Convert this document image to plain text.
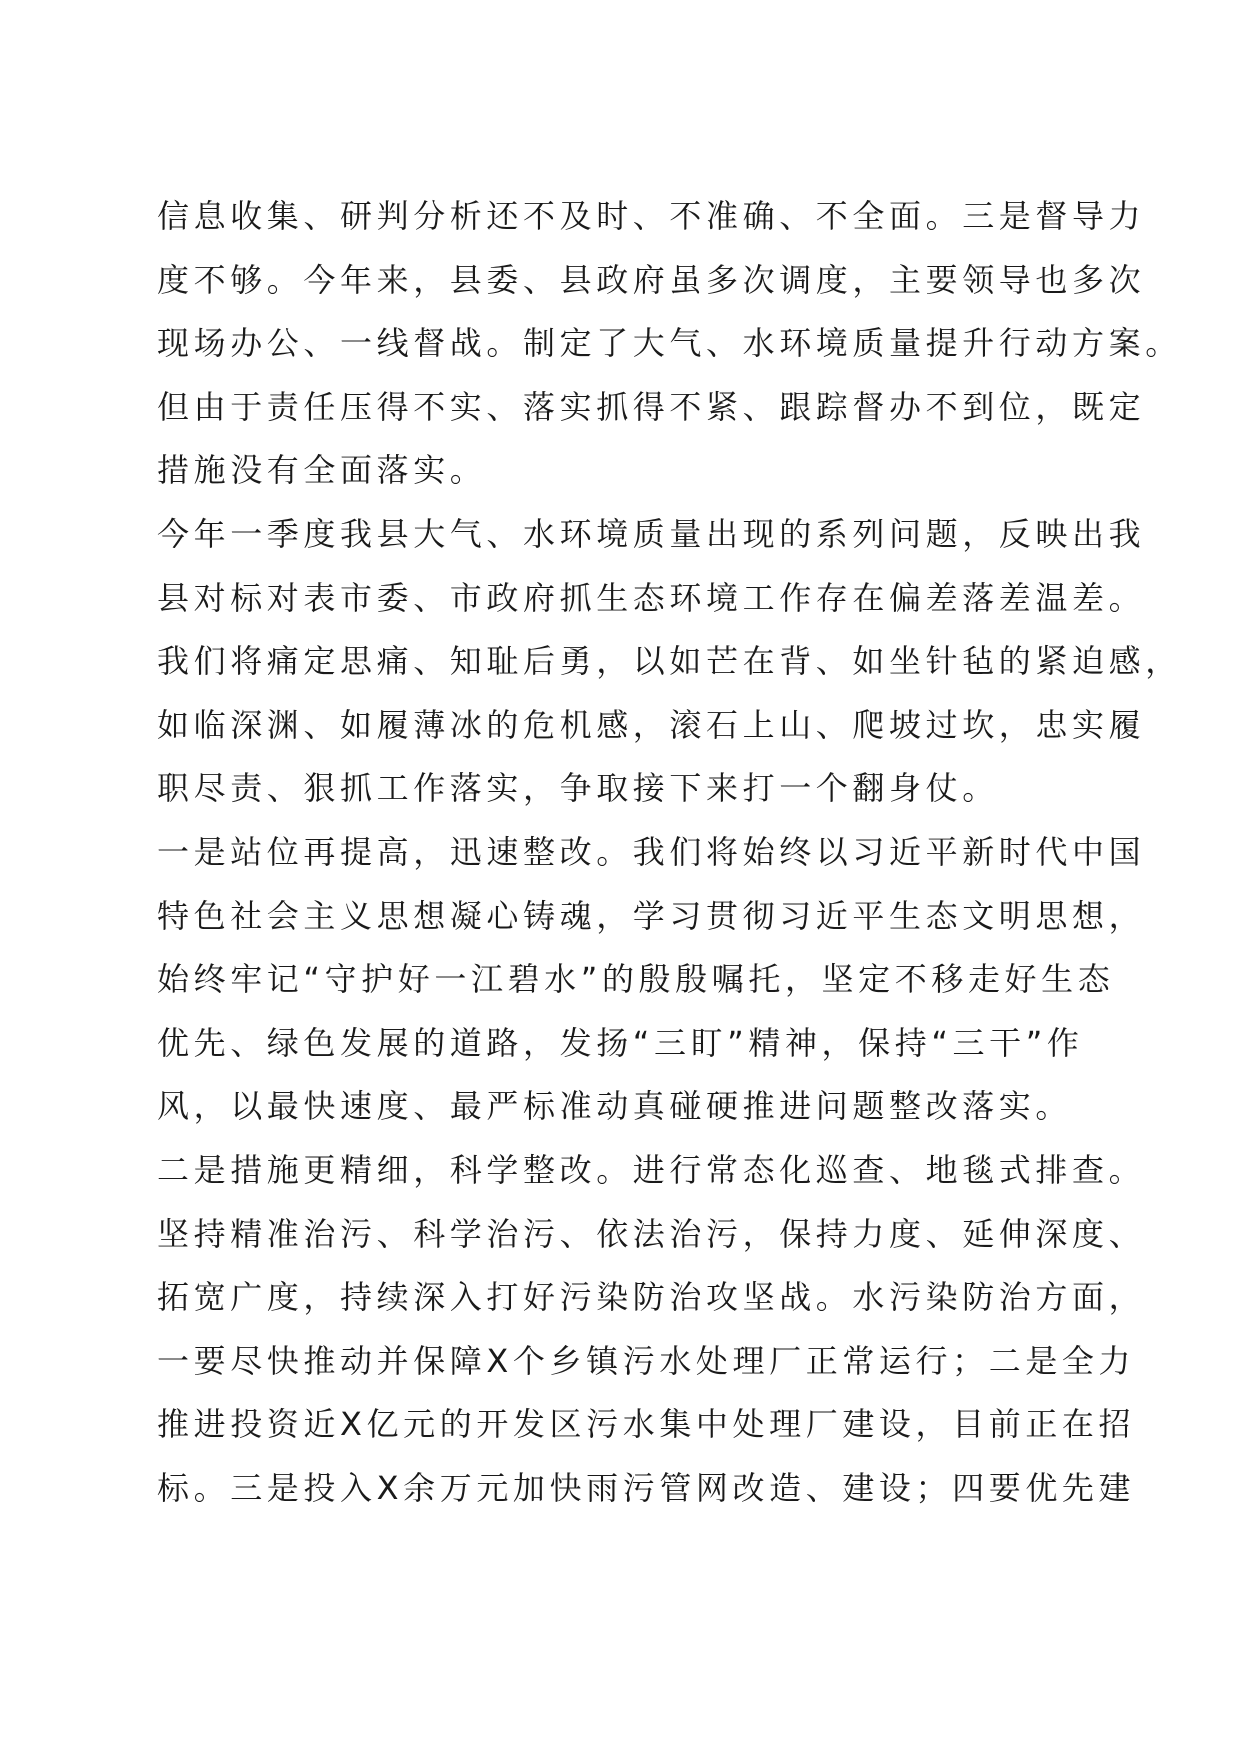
信息收集、研判分析还不及时、不准确、不全面。三是督导力
度不够。今年来，县委、县政府虽多次调度，主要领导也多次
现场办公、一线督战。制定了大气、水环境质量提升行动方案。
但由于责任压得不实、落实抓得不紧、跟踪督办不到位，既定
措施没有全面落实。
今年一季度我县大气、水环境质量出现的系列问题，反映出我
县对标对表市委、市政府抓生态环境工作存在偏差落差温差。
我们将痛定思痛、知耻后勇，以如芒在背、如坐针毡的紧迫感，
如临深渊、如履薄冰的危机感，滚石上山、爬坡过坎，忠实履
职尽责、狠抓工作落实，争取接下来打一个翻身仗。
一是站位再提高，迅速整改。我们将始终以习近平新时代中国
特色社会主义思想凝心铸魂，学习贯彻习近平生态文明思想，
始终牢记“守护好一江碧水”的殷殷嘱托，坚定不移走好生态
优先、绿色发展的道路，发扬“三盯”精神，保持“三干”作
风，以最快速度、最严标准动真碰硬推进问题整改落实。
二是措施更精细，科学整改。进行常态化巡查、地毯式排查。
坚持精准治污、科学治污、依法治污，保持力度、延伸深度、
拓宽广度，持续深入打好污染防治攻坚战。水污染防治方面，
一要尽快推动并保障X个乡镇污水处理厂正常运行；二是全力
推进投资近X亿元的开发区污水集中处理厂建设，目前正在招
标。三是投入X余万元加快雨污管网改造、建设；四要优先建
